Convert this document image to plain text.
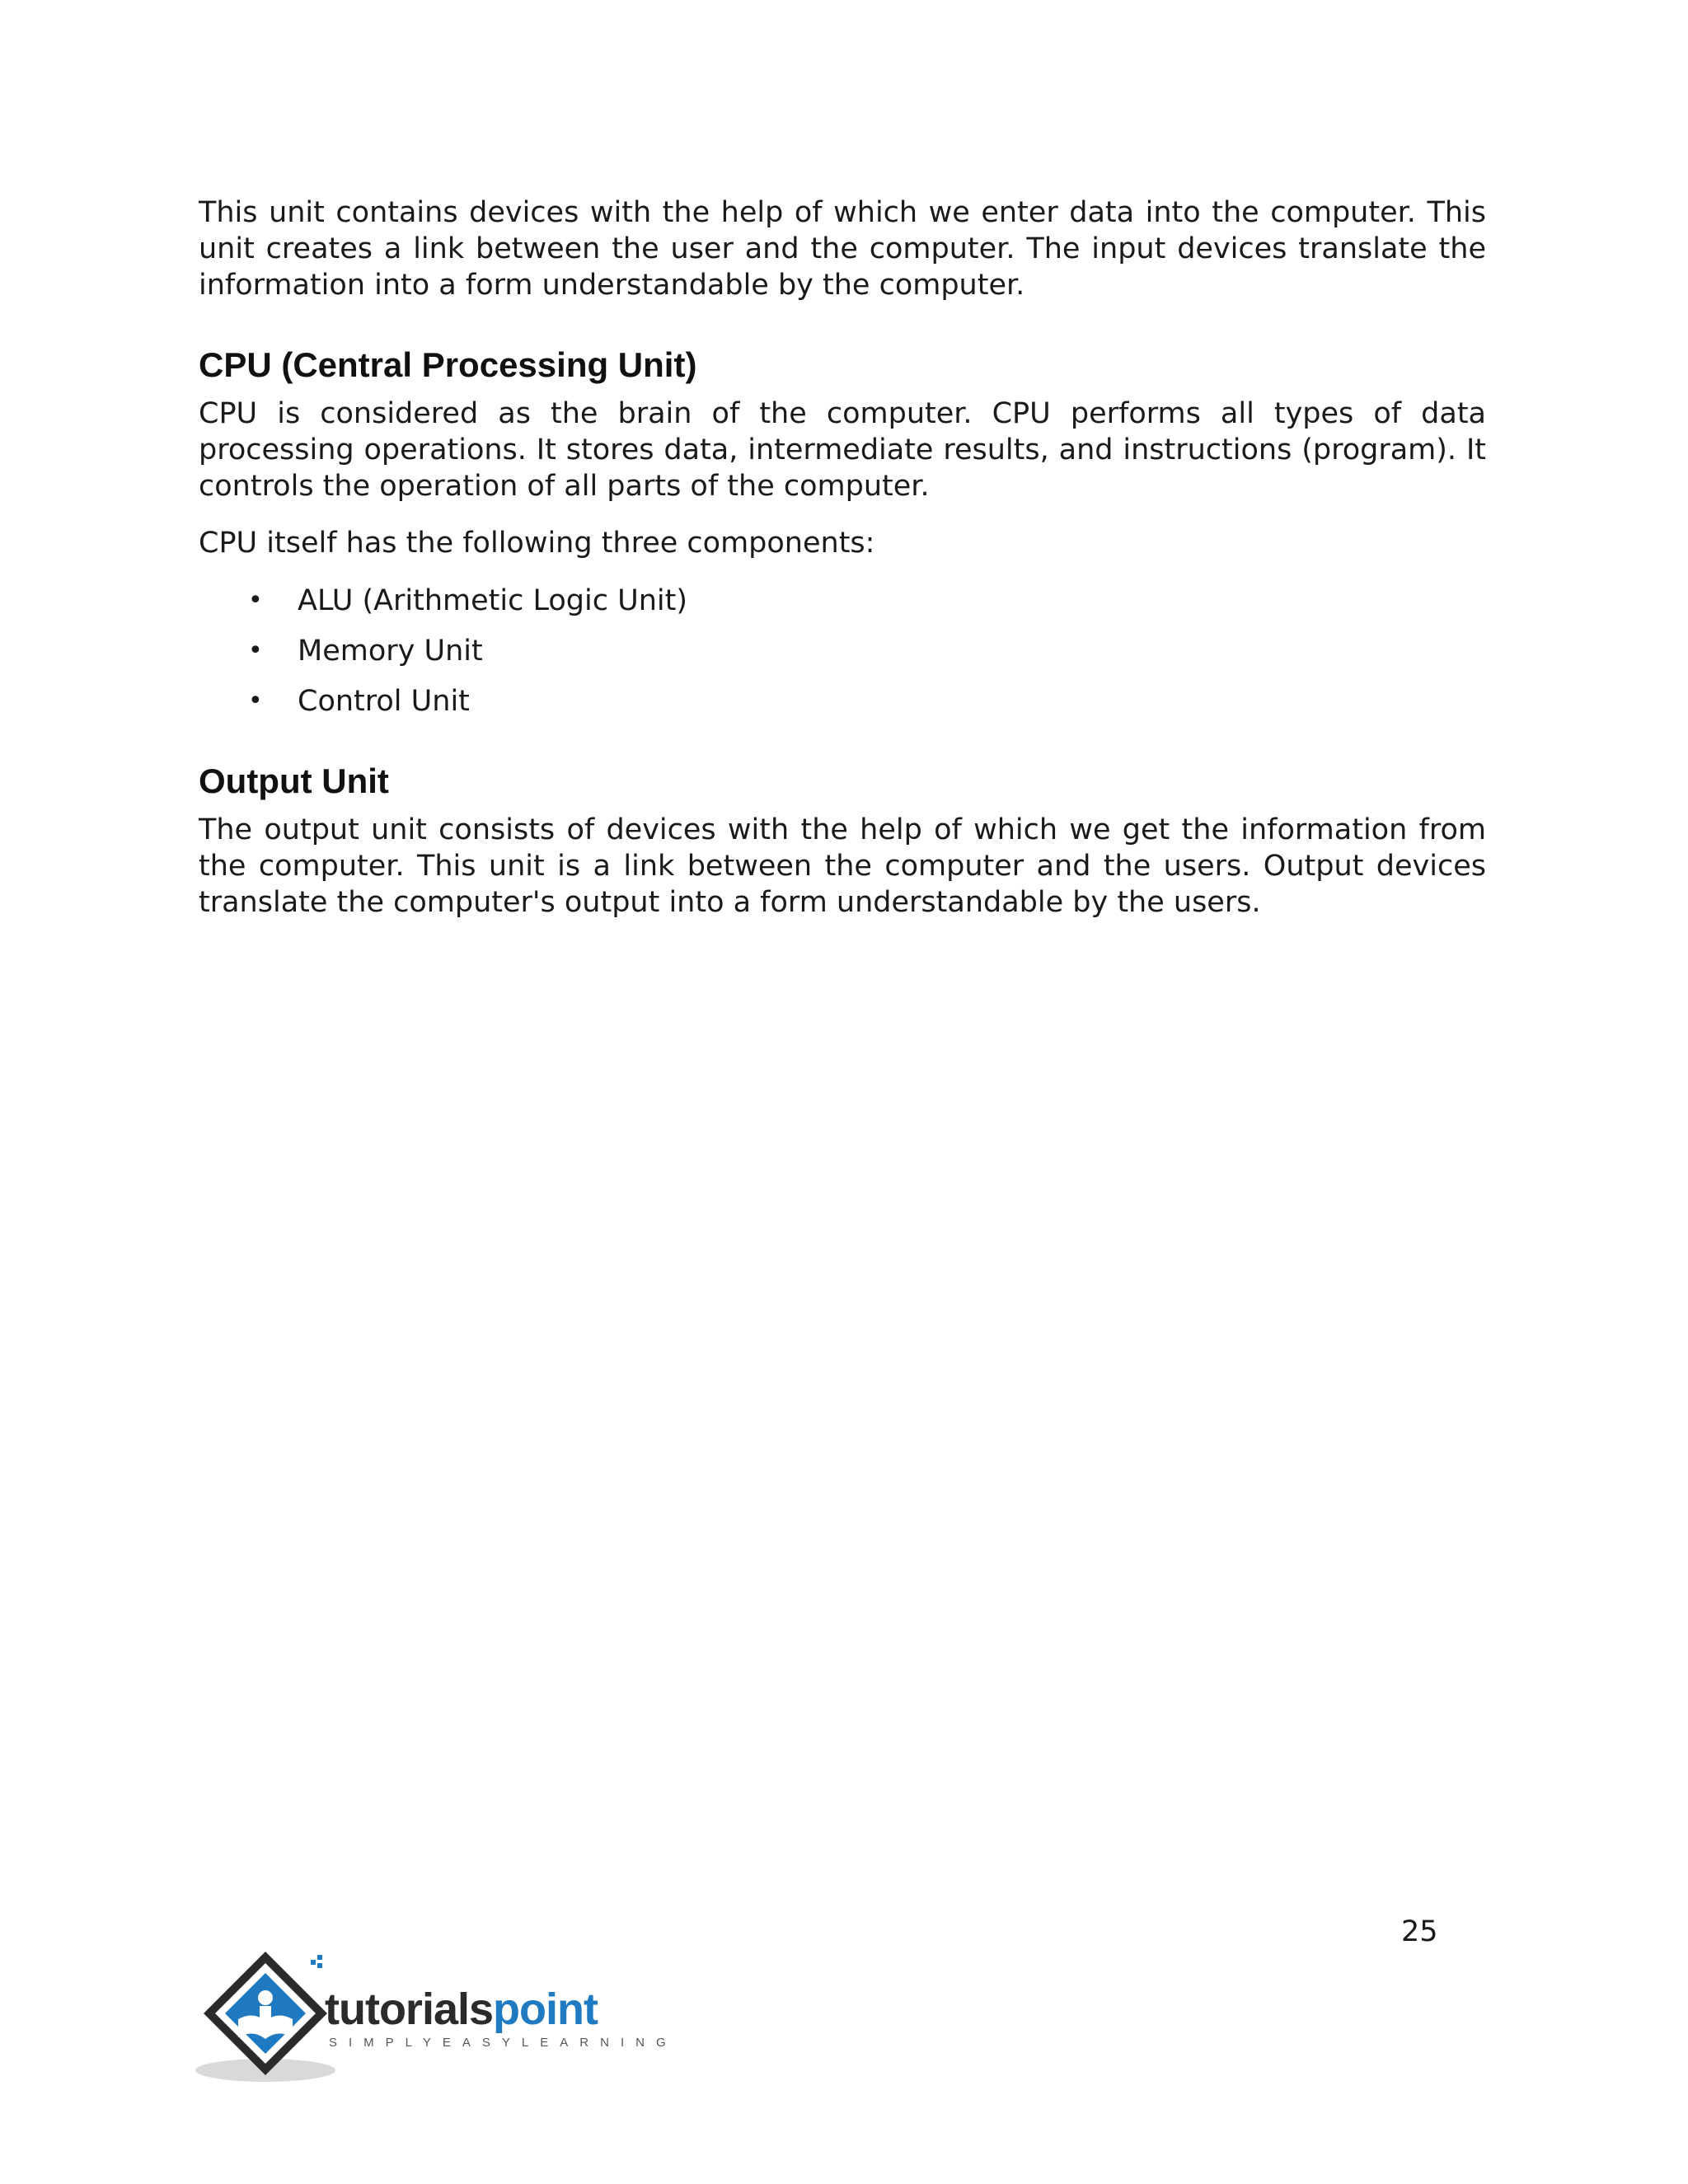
This unit contains devices with the help of which we enter data into the computer. This unit creates a link between the user and the computer. The input devices translate the information into a form understandable by the computer.

CPU (Central Processing Unit)

CPU is considered as the brain of the computer. CPU performs all types of data processing operations. It stores data, intermediate results, and instructions (program). It controls the operation of all parts of the computer.

CPU itself has the following three components:

• ALU (Arithmetic Logic Unit)
• Memory Unit
• Control Unit
Output Unit

The output unit consists of devices with the help of which we get the information from the computer. This unit is a link between the computer and the users. Output devices translate the computer's output into a form understandable by the users.

25
tutorialspoint
SIMPLYEASYLEARNING
